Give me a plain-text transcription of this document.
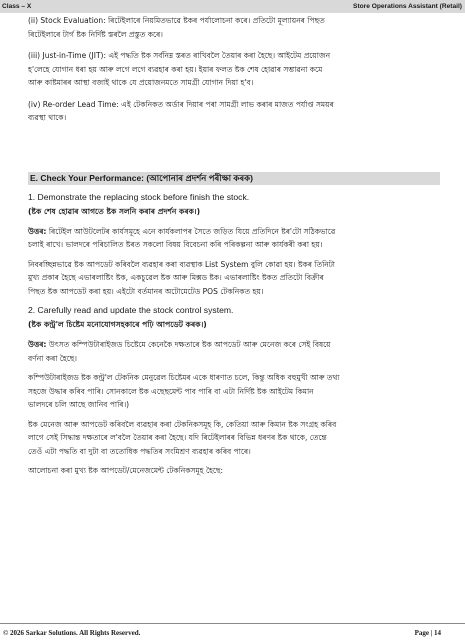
Class – X	Store Operations Assistant (Retail)

(ii) Stock Evaluation: ৰিটেইলাৰে নিয়মিতভাৱে ষ্টকৰ পৰ্যালোচনা কৰে। প্ৰতিটো মূল্যায়নৰ পিছত

ৰিটেইলাৰে টাৰ্গ ষ্টক নিৰ্দিষ্ট স্তৰলৈ প্ৰস্তুত কৰে।

(iii) Just-in-Time (JIT): এই পদ্ধতি ষ্টক সৰ্বনিম্ন স্তৰত ৰাখিবলৈ তৈয়াৰ কৰা হৈছে। আইটেম প্ৰয়োজন

হ'লেহে যোগান ধৰা হয় আৰু লগে লগে ব্যৱহাৰ কৰা হয়। ইয়াৰ ফলত ষ্টক শেষ হোৱাৰ সম্ভাৱনা কমে

আৰু কাষ্টমাৰৰ আস্থা বজাই থাকে যে প্ৰয়োজনমতে সামগ্ৰী যোগান দিয়া হ'ব।

(iv) Re-order Lead Time: এই টেকনিকত অৰ্ডাৰ দিয়াৰ পৰা সামগ্ৰী লাভ কৰাৰ মাজত পৰ্যাপ্ত সময়ৰ

ব্যৱস্থা থাকে।

E. Check Your Performance: (আপোনাৰ প্ৰদৰ্শন পৰীক্ষা কৰক)

1. Demonstrate the replacing stock before finish the stock.

(ষ্টক শেষ হোৱাৰ আগতে ষ্টক সলনি কৰাৰ প্ৰদৰ্শন কৰক।)

উত্তৰ: ৰিটেইল আউটলেটৰ কাৰ্যসমূহে এনে কাৰ্যকলাপৰ সৈতে জড়িত যিয়ে প্ৰতিদিনে ষ্টৰ'টো সঠিকভাৱে

চলাই ৰাখে। ভালদৰে পৰিচালিত ষ্টৰত সকলো বিষয় বিবেচনা কৰি পৰিকল্পনা আৰু কাৰ্যকৰী কৰা হয়।

নিবৰচ্ছিন্নভাৱে ষ্টক আপডেট কৰিবলৈ ব্যৱহাৰ কৰা ব্যৱস্থাক List System বুলি কোৱা হয়। ষ্টকৰ তিনিটা

মুখ্য প্ৰকাৰ হৈছে এভাৰলাষ্টিং ষ্টক, একচুৱেল ষ্টক আৰু মিক্সড ষ্টক। এভাৰলাষ্টিং ষ্টকত প্ৰতিটো বিক্ৰীৰ

পিছত ষ্টক আপডেট কৰা হয়। এইটো বৰ্তমানৰ অটোমেটেড POS টেকনিকত হয়।

2. Carefully read and update the stock control system.

(ষ্টক কন্ট্ৰ'ল চিষ্টেম মনোযোগসহকাৰে পঢ়ি আপডেট কৰক।)

উত্তৰ: উৎসত কম্পিউটাৰাইজড চিষ্টেমে কেনেকৈ দক্ষতাৰে ষ্টক আপডেট আৰু মেনেজ কৰে সেই বিষয়ে

বৰ্ণনা কৰা হৈছে।

কম্পিউটাৰাইজড ষ্টক কন্ট্ৰ'ল টেকনিক মেনুৱেল চিষ্টেমৰ একে ধাৰণাত চলে, কিন্তু অধিক বহুমুখী আৰু তথ্য

সহজে উদ্ধাৰ কৰিব পাৰি। সোনকালে ষ্টক এছেছমেন্ট পাব পাৰি বা এটা নিৰ্দিষ্ট ষ্টক আইটেম কিমান

ভালদৰে চলি আছে জানিব পাৰি।)

ষ্টক মেনেজ আৰু আপডেট কৰিবলৈ ব্যৱহাৰ কৰা টেকনিকসমূহ কি, কেতিয়া আৰু কিমান ষ্টক সংগ্ৰহ কৰিব

লাগে সেই সিদ্ধান্ত দক্ষতাৰে ল'বলৈ তৈয়াৰ কৰা হৈছে। যদি ৰিটেইলাৰৰ বিভিন্ন ধৰণৰ ষ্টক থাকে, তেন্তে

তেওঁ এটা পদ্ধতি বা দুটা বা ততোধিক পদ্ধতিৰ সংমিশ্ৰণ ব্যৱহাৰ কৰিব পাৰে।

আলোচনা কৰা মুখ্য ষ্টক আপডেট/মেনেজমেন্ট টেকনিকসমূহ হৈছে:

© 2026 Sarkar Solutions. All Rights Reserved.	Page | 14
